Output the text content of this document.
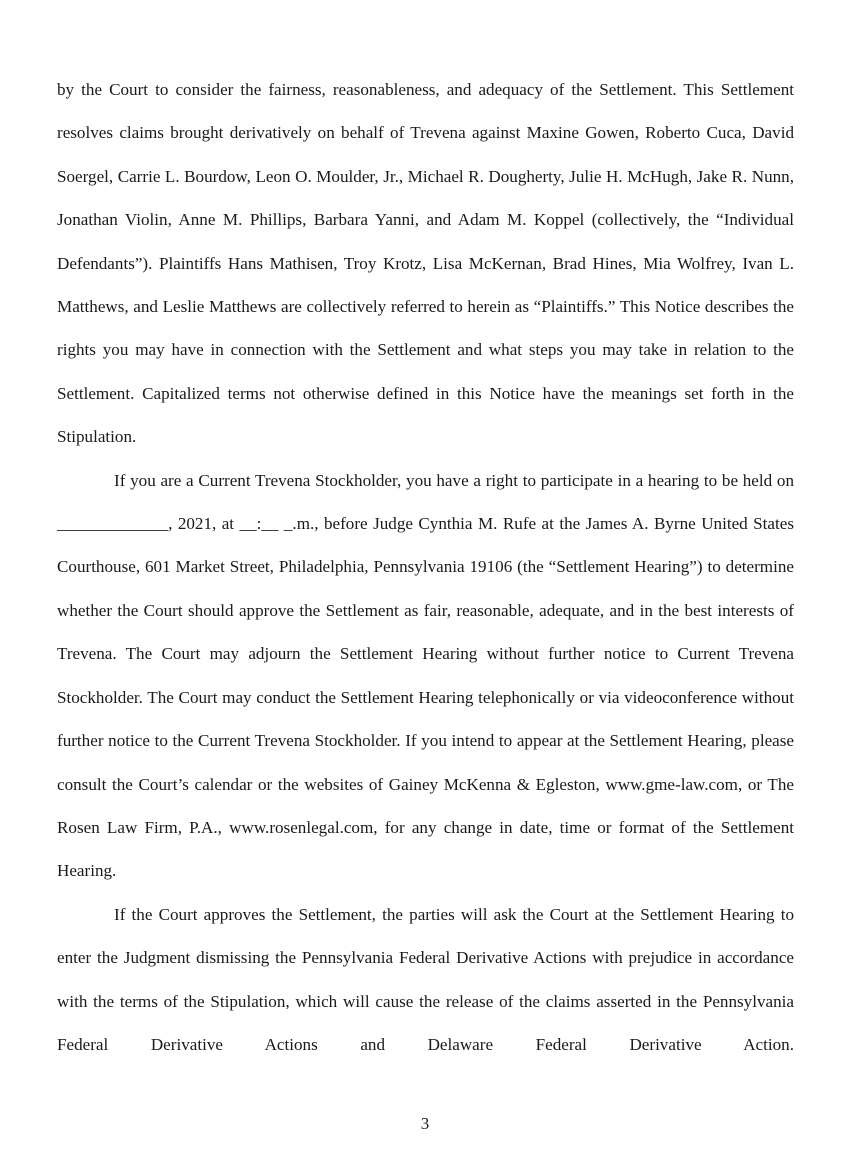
by the Court to consider the fairness, reasonableness, and adequacy of the Settlement. This Settlement resolves claims brought derivatively on behalf of Trevena against Maxine Gowen, Roberto Cuca, David Soergel, Carrie L. Bourdow, Leon O. Moulder, Jr., Michael R. Dougherty, Julie H. McHugh, Jake R. Nunn, Jonathan Violin, Anne M. Phillips, Barbara Yanni, and Adam M. Koppel (collectively, the “Individual Defendants”). Plaintiffs Hans Mathisen, Troy Krotz, Lisa McKernan, Brad Hines, Mia Wolfrey, Ivan L. Matthews, and Leslie Matthews are collectively referred to herein as “Plaintiffs.” This Notice describes the rights you may have in connection with the Settlement and what steps you may take in relation to the Settlement. Capitalized terms not otherwise defined in this Notice have the meanings set forth in the Stipulation.

If you are a Current Trevena Stockholder, you have a right to participate in a hearing to be held on _____________, 2021, at __:__ _.m., before Judge Cynthia M. Rufe at the James A. Byrne United States Courthouse, 601 Market Street, Philadelphia, Pennsylvania 19106 (the “Settlement Hearing”) to determine whether the Court should approve the Settlement as fair, reasonable, adequate, and in the best interests of Trevena. The Court may adjourn the Settlement Hearing without further notice to Current Trevena Stockholder. The Court may conduct the Settlement Hearing telephonically or via videoconference without further notice to the Current Trevena Stockholder. If you intend to appear at the Settlement Hearing, please consult the Court’s calendar or the websites of Gainey McKenna & Egleston, www.gme-law.com, or The Rosen Law Firm, P.A., www.rosenlegal.com, for any change in date, time or format of the Settlement Hearing.

If the Court approves the Settlement, the parties will ask the Court at the Settlement Hearing to enter the Judgment dismissing the Pennsylvania Federal Derivative Actions with prejudice in accordance with the terms of the Stipulation, which will cause the release of the claims asserted in the Pennsylvania Federal Derivative Actions and Delaware Federal Derivative Action.

3
